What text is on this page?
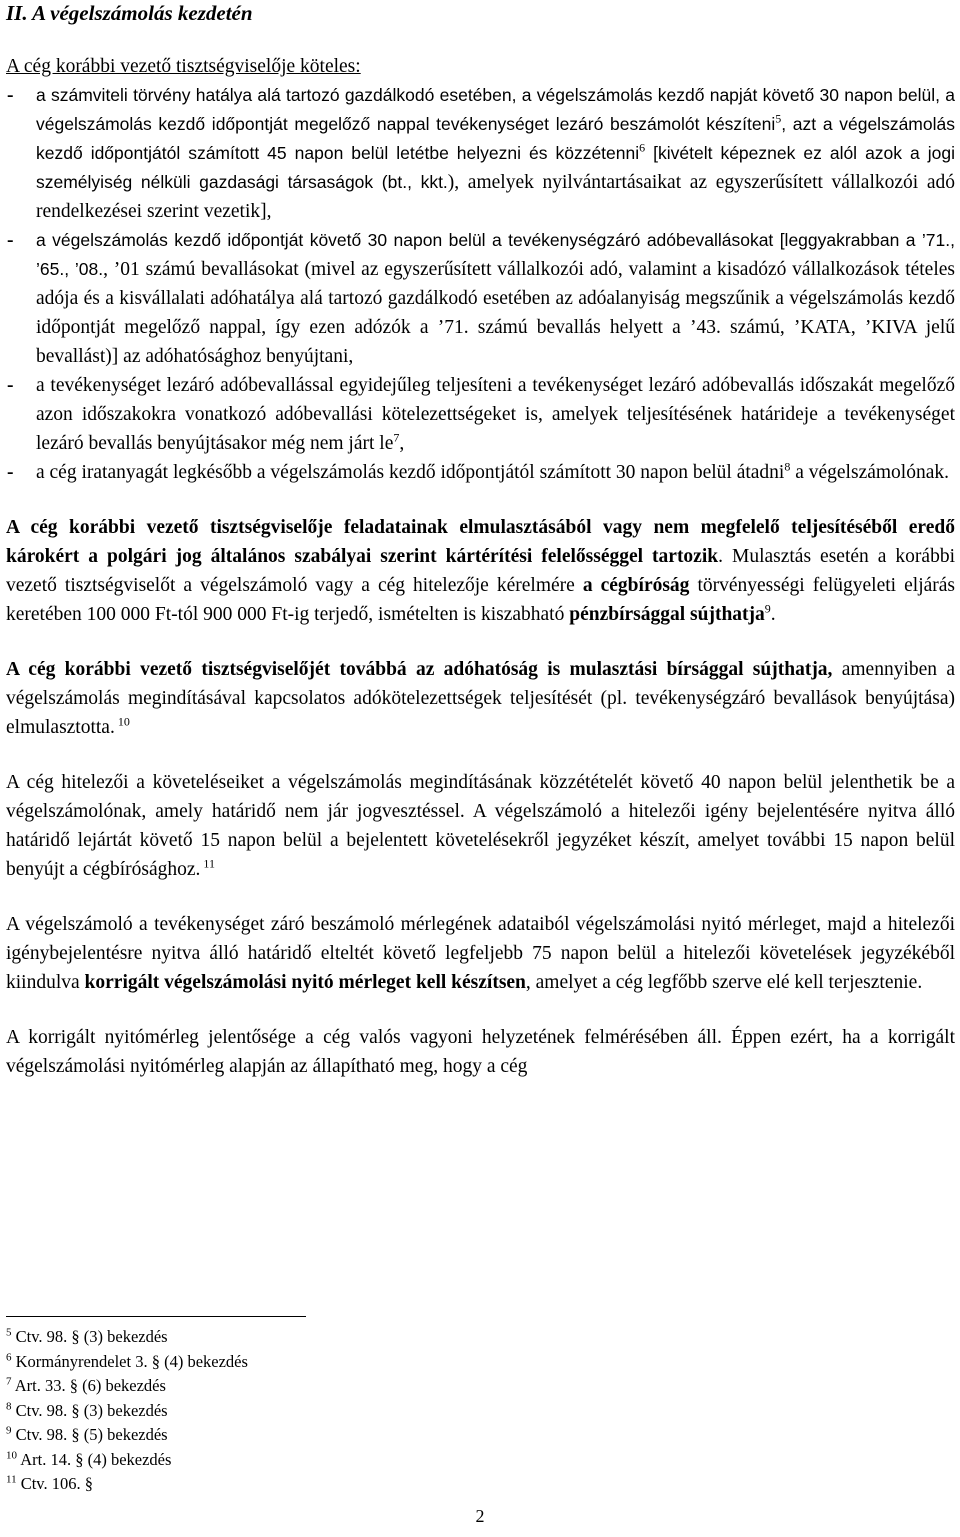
II. A végelszámolás kezdetén

A cég korábbi vezető tisztségviselője köteles:

- a számviteli törvény hatálya alá tartozó gazdálkodó esetében, a végelszámolás kezdő napját követő 30 napon belül, a végelszámolás kezdő időpontját megelőző nappal tevékenységet lezáró beszámolót készíteni$^5$, azt a végelszámolás kezdő időpontjától számított 45 napon belül letétbe helyezni és közzétenni$^6$ [kivételt képeznek ez alól azok a jogi személyiség nélküli gazdasági társaságok (bt., kkt.), amelyek nyilvántartásaikat az egyszerűsített vállalkozói adó rendelkezései szerint vezetik],
- a végelszámolás kezdő időpontját követő 30 napon belül a tevékenységzáró adóbevallásokat [leggyakrabban a ’71., ’65., ’08., ’01 számú bevallásokat (mivel az egyszerűsített vállalkozói adó, valamint a kisadózó vállalkozások tételes adója és a kisvállalati adóhatálya alá tartozó gazdálkodó esetében az adóalanyiság megszűnik a végelszámolás kezdő időpontját megelőző nappal, így ezen adózók a ’71. számú bevallás helyett a ’43. számú, ’KATA, ’KIVA jelű bevallást)] az adóhatósághoz benyújtani,
- a tevékenységet lezáró adóbevallással egyidejűleg teljesíteni a tevékenységet lezáró adóbevallás időszakát megelőző azon időszakokra vonatkozó adóbevallási kötelezettségeket is, amelyek teljesítésének határideje a tevékenységet lezáró bevallás benyújtásakor még nem járt $le^7$,
- a cég iratanyagát legkésőbb a végelszámolás kezdő időpontjától számított 30 napon belül átadni$^8$ a végelszámolónak.

A cég korábbi vezető tisztségviselője feladatainak elmulasztásából vagy nem megfelelő teljesítéséből eredő károkért a polgári jog általános szabályai szerint kártérítési felelősséggel tartozik. Mulasztás esetén a korábbi vezető tisztségviselőt a végelszámoló vagy a cég hitelezője kérelmére a cégbíróság törvényességi felügyeleti eljárás keretében 100 000 Ft-tól 900 000 Ft-ig terjedő, ismételten is kiszabható pénzbírsággal sújthatja$^9$.

A cég korábbi vezető tisztségviselőjét továbbá az adóhatóság is mulasztási bírsággal sújthatja, amennyiben a végelszámolás megindításával kapcsolatos adókötelezettségek teljesítését (pl. tevékenységzáró bevallások benyújtása) elmulasztotta. $^{10}$

A cég hitelezői a követeléseiket a végelszámolás megindításának közzétételét követő 40 napon belül jelenthetik be a végelszámolónak, amely határidő nem jár jogvesztéssel. A végelszámoló a hitelezői igény bejelentésére nyitva álló határidő lejártát követő 15 napon belül a bejelentett követelésekről jegyzéket készít, amelyet további 15 napon belül benyújt a cégbírósághoz. $^{11}$

A végelszámoló a tevékenységet záró beszámoló mérlegének adataiból végelszámolási nyitó mérleget, majd a hitelezői igénybejelentésre nyitva álló határidő elteltét követő legfeljebb 75 napon belül a hitelezői követelések jegyzékéből kiindulva korrigált végelszámolási nyitó mérleget kell készítsen, amelyet a cég legfőbb szerve elé kell terjesztenie.

A korrigált nyitómérleg jelentősége a cég valós vagyoni helyzetének felmérésében áll. Éppen ezért, ha a korrigált végelszámolási nyitómérleg alapján az állapítható meg, hogy a cég

$^5$ Ctv. 98. § (3) bekezdés
$^6$ Kormányrendelet 3. § (4) bekezdés
$^7$ Art. 33. § (6) bekezdés
$^8$ Ctv. 98. § (3) bekezdés
$^9$ Ctv. 98. § (5) bekezdés
$^{10}$ Art. 14. § (4) bekezdés
$^{11}$ Ctv. 106. §
2
